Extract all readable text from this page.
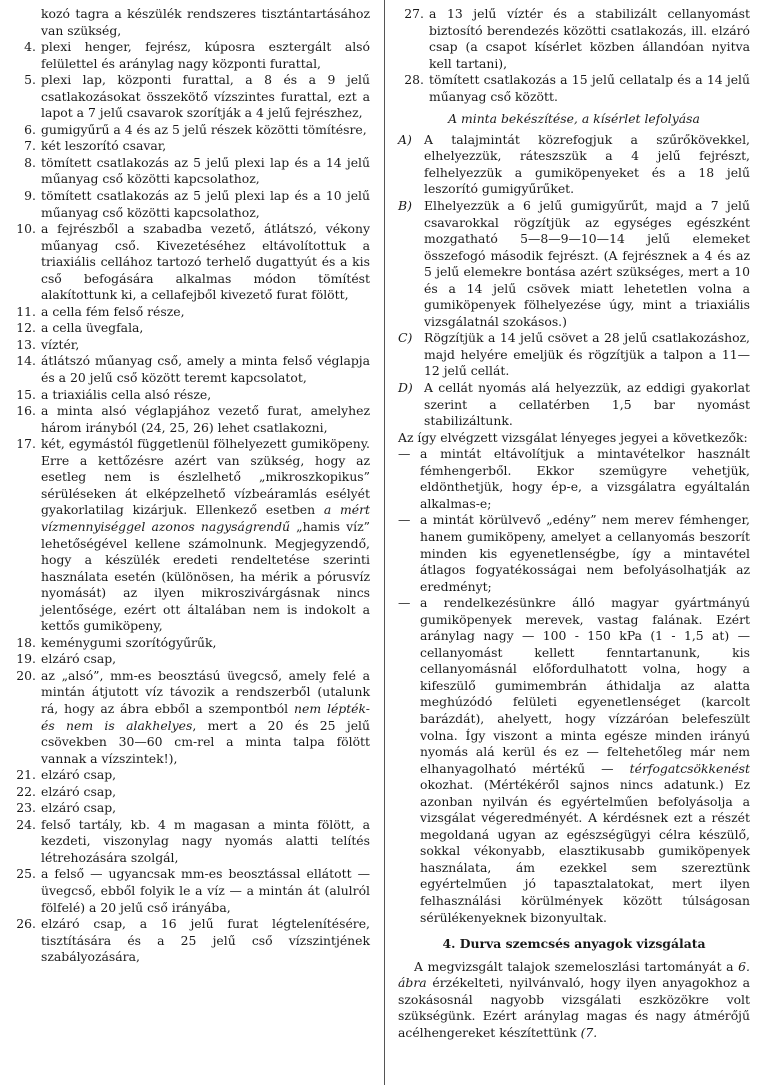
kozó tagra a készülék rendszeres tisztántartásához van szükség,
4. plexi henger, fejrész, kúposra esztergált alsó felülettel és aránylag nagy központi furattal,
5. plexi lap, központi furattal, a 8 és a 9 jelű csatlakozásokat összekötő vízszintes furattal, ezt a lapot a 7 jelű csavarok szorítják a 4 jelű fejrészhez,
6. gumigyűrű a 4 és az 5 jelű részek közötti tömítésre,
7. két leszorító csavar,
8. tömített csatlakozás az 5 jelű plexi lap és a 14 jelű műanyag cső közötti kapcsolathoz,
9. tömített csatlakozás az 5 jelű plexi lap és a 10 jelű műanyag cső közötti kapcsolathoz,
10. a fejrészből a szabadba vezető, átlátszó, vékony műanyag cső. Kivezetéséhez eltávolítottuk a triaxiális cellához tartozó terhelő dugattyút és a kis cső befogására alkalmas módon tömítést alakítottunk ki, a cellafejből kivezető furat fölött,
11. a cella fém felső része,
12. a cella üvegfala,
13. víztér,
14. átlátszó műanyag cső, amely a minta felső véglapja és a 20 jelű cső között teremt kapcsolatot,
15. a triaxiális cella alsó része,
16. a minta alsó véglapjához vezető furat, amelyhez három irányból (24, 25, 26) lehet csatlakozni,
17. két, egymástól függetlenül fölhelyezett gumiköpeny. Erre a kettőzésre azért van szükség, hogy az esetleg nem is észlelhető „mikroszkopikus” sérüléseken át elképzelhető vízbeáramlás esélyét gyakorlatilag kizárjuk. Ellenkező esetben a mért vízmennyiséggel azonos nagyságrendű „hamis víz” lehetőségével kellene számolnunk. Megjegyzendő, hogy a készülék eredeti rendeltetése szerinti használata esetén (különösen, ha mérik a pórusvíz nyomását) az ilyen mikroszivárgásnak nincs jelentősége, ezért ott általában nem is indokolt a kettős gumiköpeny,
18. keménygumi szorítógyűrűk,
19. elzáró csap,
20. az „alsó”, mm-es beosztású üvegcső, amely felé a mintán átjutott víz távozik a rendszerből (utalunk rá, hogy az ábra ebből a szempontból nem lépték- és nem is alakhelyes, mert a 20 és 25 jelű csövekben 30—60 cm-rel a minta talpa fölött vannak a vízszintek!),
21. elzáró csap,
22. elzáró csap,
23. elzáró csap,
24. felső tartály, kb. 4 m magasan a minta fölött, a kezdeti, viszonylag nagy nyomás alatti telítés létrehozására szolgál,
25. a felső — ugyancsak mm-es beosztással ellátott — üvegcső, ebből folyik le a víz — a mintán át (alulról fölfelé) a 20 jelű cső irányába,
26. elzáró csap, a 16 jelű furat légtelenítésére, tisztítására és a 25 jelű cső vízszintjének szabályozására,
27. a 13 jelű víztér és a stabilizált cellanyomást biztosító berendezés közötti csatlakozás, ill. elzáró csap (a csapot kísérlet közben állandóan nyitva kell tartani),
28. tömített csatlakozás a 15 jelű cellatalp és a 14 jelű műanyag cső között.
A minta bekészítése, a kísérlet lefolyása
A) A talajmintát közrefogjuk a szűrőkövekkel, elhelyezzük, ráteszszük a 4 jelű fejrészt, felhelyezzük a gumiköpenyeket és a 18 jelű leszorító gumigyűrűket.
B) Elhelyezzük a 6 jelű gumigyűrűt, majd a 7 jelű csavarokkal rögzítjük az egységes egészként mozgatható 5—8—9—10—14 jelű elemeket összefogó második fejrészt. (A fejrésznek a 4 és az 5 jelű elemekre bontása azért szükséges, mert a 10 és a 14 jelű csövek miatt lehetetlen volna a gumiköpenyek fölhelyezése úgy, mint a triaxiális vizsgálatnál szokásos.)
C) Rögzítjük a 14 jelű csövet a 28 jelű csatlakozáshoz, majd helyére emeljük és rögzítjük a talpon a 11—12 jelű cellát.
D) A cellát nyomás alá helyezzük, az eddigi gyakorlat szerint a cellatérben 1,5 bar nyomást stabilizáltunk.
Az így elvégzett vizsgálat lényeges jegyei a következők:
— a mintát eltávolítjuk a mintavételkor használt fémhengerből. Ekkor szemügyre vehetjük, eldönthetjük, hogy ép-e, a vizsgálatra egyáltalán alkalmas-e;
— a mintát körülvevő „edény” nem merev fémhenger, hanem gumiköpeny, amelyet a cellanyomás beszorít minden kis egyenetlenségbe, így a mintavétel átlagos fogyatékosságai nem befolyásolhatják az eredményt;
— a rendelkezésünkre álló magyar gyártmányú gumiköpenyek merevek, vastag falának. Ezért aránylag nagy — 100 - 150 kPa (1 - 1,5 at) — cellanyomást kellett fenntartanunk, kis cellanyomásnál előfordulhatott volna, hogy a kifeszülő gumimembrán áthidalja az alatta meghúzódó felületi egyenetlenséget (karcolt barázdát), ahelyett, hogy vízzáróan belefeszült volna. Így viszont a minta egésze minden irányú nyomás alá kerül és ez — feltehetőleg már nem elhanyagolható mértékű — térfogatcsökkenést okozhat. (Mértékéről sajnos nincs adatunk.) Ez azonban nyilván és egyértelműen befolyásolja a vizsgálat végeredményét. A kérdésnek ezt a részét megoldaná ugyan az egészségügyi célra készülő, sokkal vékonyabb, elasztikusabb gumiköpenyek használata, ám ezekkel sem szereztünk egyértelműen jó tapasztalatokat, mert ilyen felhasználási körülmények között túlságosan sérülékenyeknek bizonyultak.
4. Durva szemcsés anyagok vizsgálata
A megvizsgált talajok szemeloszlási tartományát a 6. ábra érzékelteti, nyilvánvaló, hogy ilyen anyagokhoz a szokásosnál nagyobb vizsgálati eszközökre volt szükségünk. Ezért aránylag magas és nagy átmérőjű acélhengereket készítettünk (7.
